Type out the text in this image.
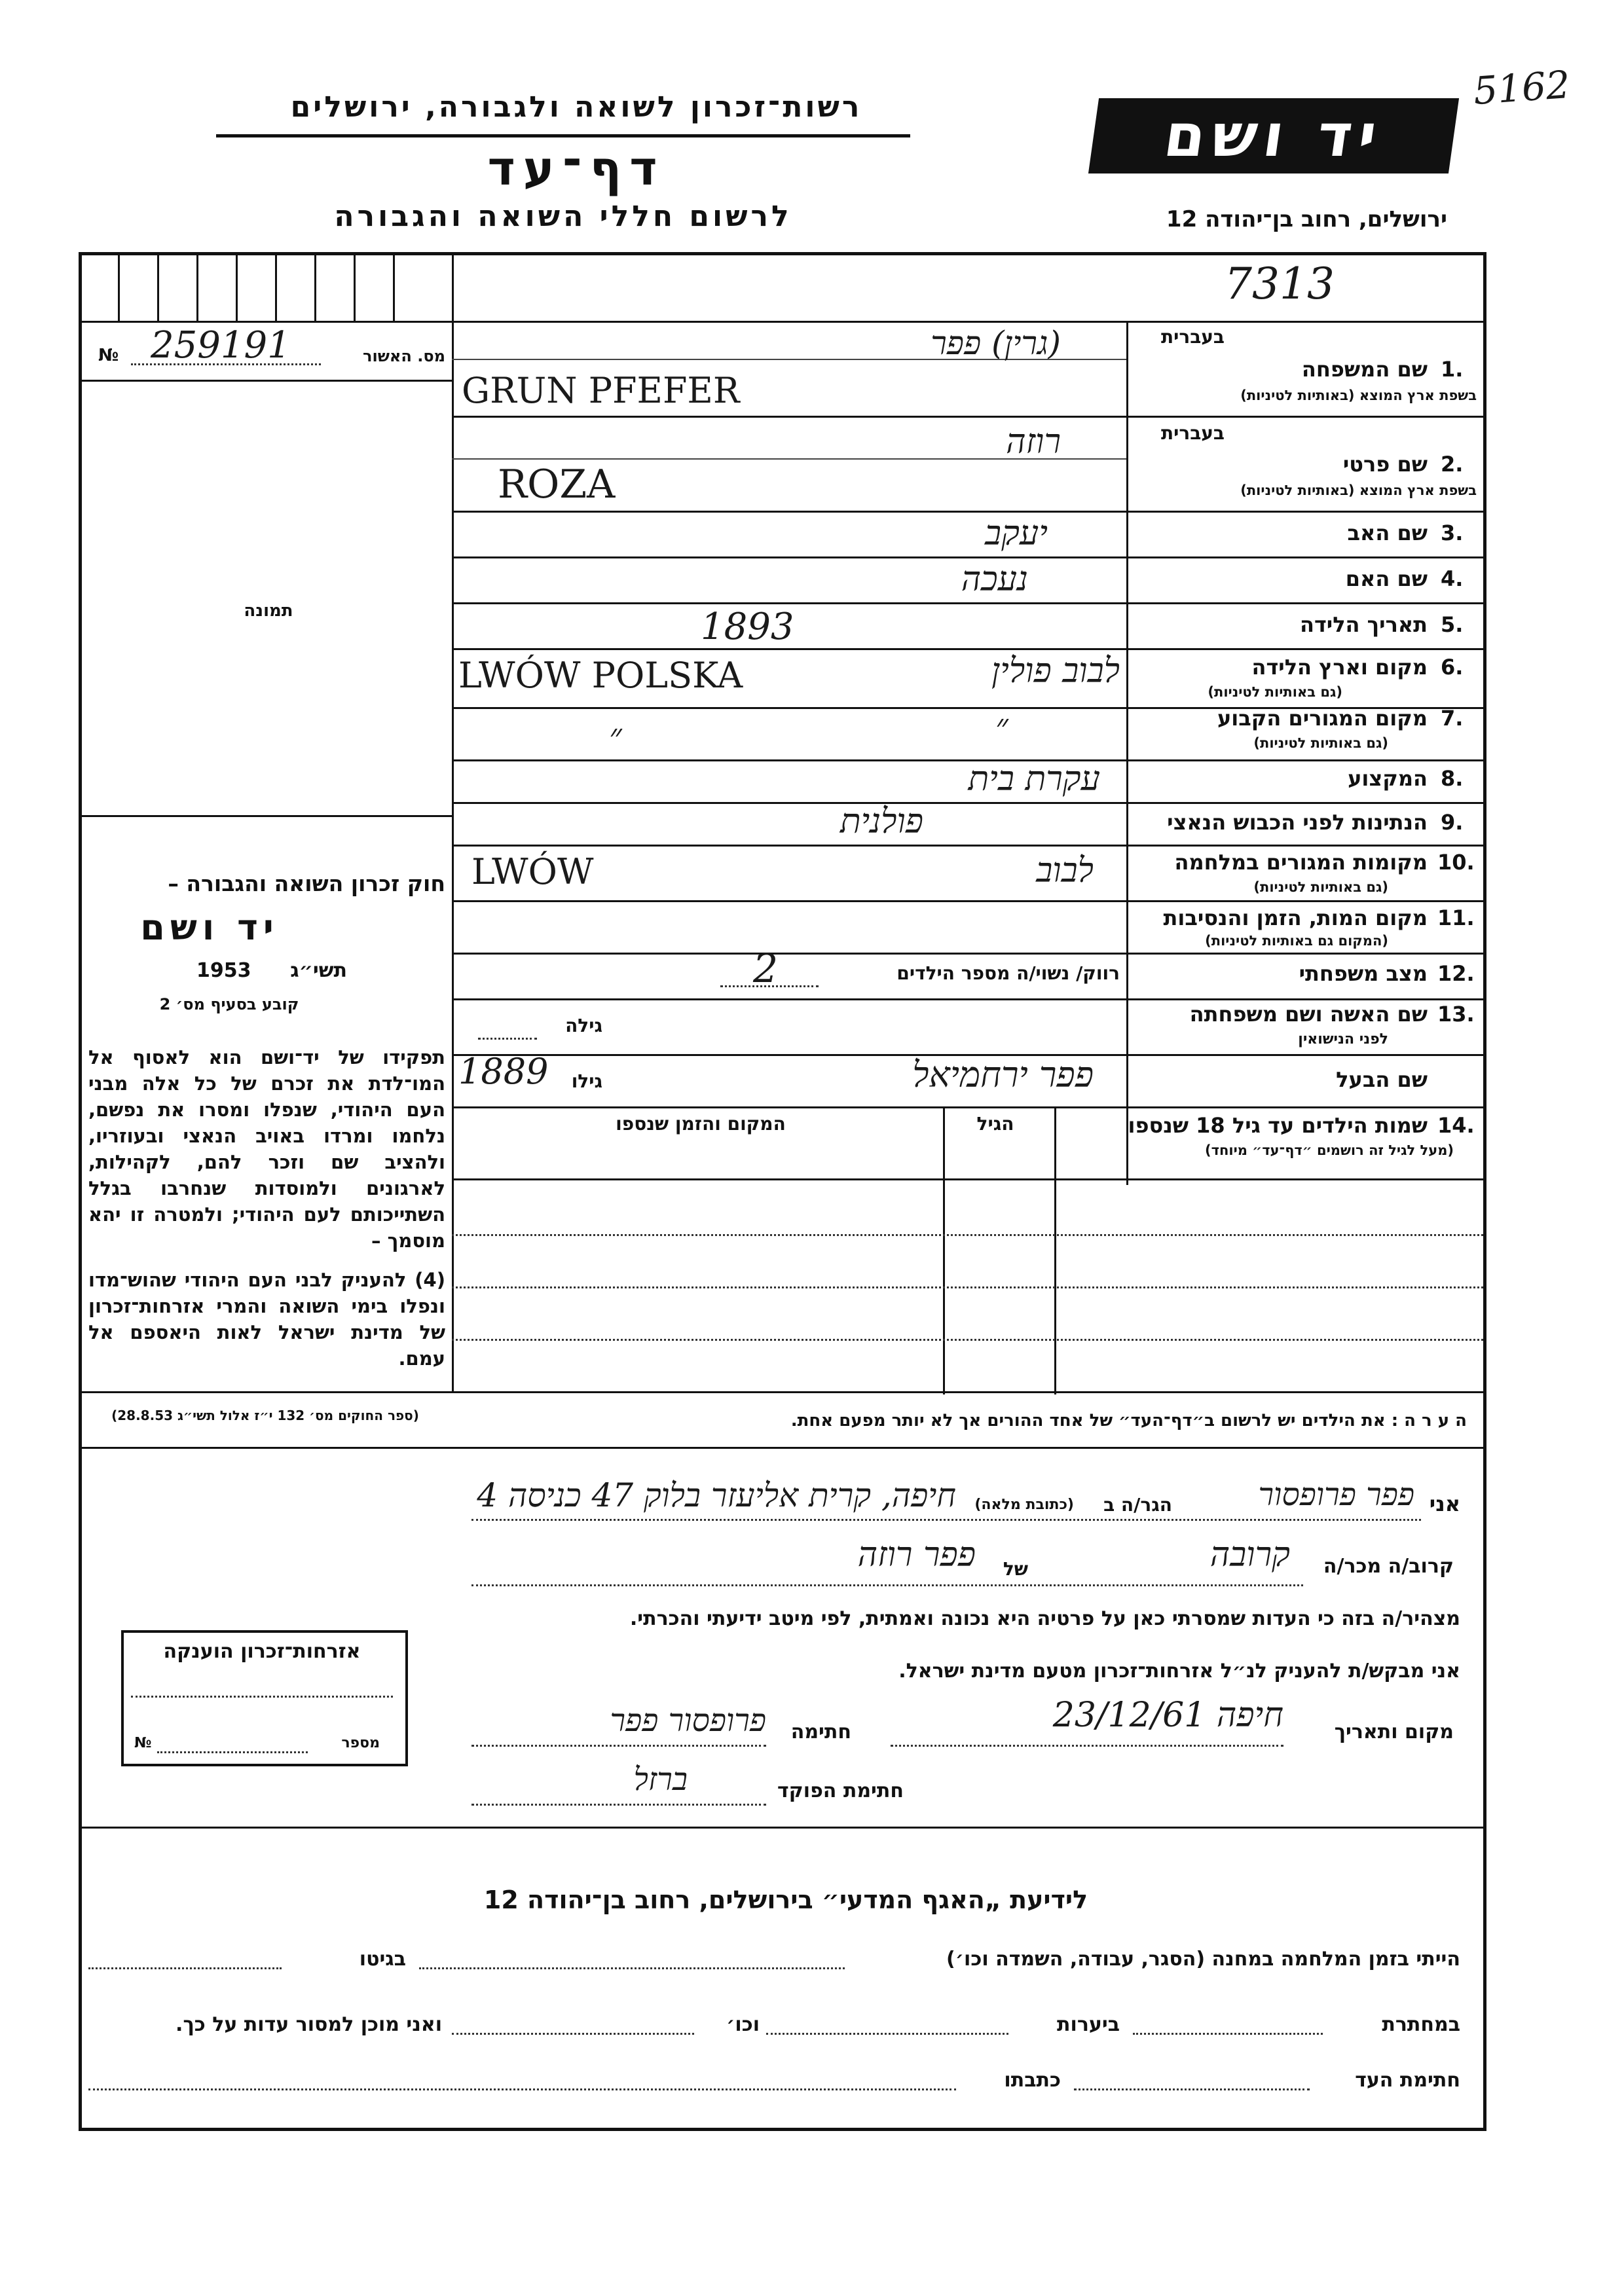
5162
רשות־זכרון לשואה ולגבורה, ירושלים
דף־עד
לרשום חללי השואה והגבורה
יד ושם
ירושלים, רחוב בן־יהודה 12
7313
№ 259191	מס. האשור
תמונה
חוק זכרון השואה והגבורה –
יד ושם
תשי״ג
1953
קובע בסעיף מס׳ 2
תפקידו של יד־ושם הוא לאסוף אל המו־לדת את זכרם של כל אלה מבני העם היהודי, שנפלו ומסרו את נפשם, נלחמו ומרדו באויב הנאצי ובעוזריו, ולהציב שם וזכר להם, לקהילות, לארגונים ולמוסדות שנחרבו בגלל השתייכותם לעם היהודי; ולמטרה זו יהא מוסמך –
(4) להעניק לבני העם היהודי שהוש־מדו ונפלו בימי השואה והמרי אזרחות־זכרון של מדינת ישראל לאות היאספם אל עמם.
(ספר החוקים מס׳ 132 י״ז אלול תשי״ג 28.8.53)
בעברית
שם המשפחה 1.
בשפת ארץ המוצא (באותיות לטיניות)
(גרין) פפר
GRUN PFEFER
בעברית
שם פרטי 2.
בשפת ארץ המוצא (באותיות לטיניות)
רוזה
ROZA
שם האב 3.
יעקב
שם האם 4.
נעכה
תאריך הלידה 5.
1893
מקום וארץ הלידה 6.
(גם באותיות לטיניות)
לבוב פולין
LWÓW POLSKA
מקום המגורים הקבוע 7.
(גם באותיות לטיניות)
״
״
המקצוע 8.
עקרת בית
הנתינות לפני הכבוש הנאצי 9.
פולנית
מקומות המגורים במלחמה 10.
(גם באותיות לטיניות)
לבוב
LWÓW
מקום המות, הזמן והנסיבות 11.
(המקום גם באותיות לטיניות)
מצב משפחתי 12.
רווק/ נשוי/ה מספר הילדים
2
שם האשה ושם משפחתה 13.
לפני הנישואין
גילה
שם הבעל
פפר ירחמיאל
גילו
1889
שמות הילדים עד גיל 18 שנספו 14.
(מעל לגיל זה רושמים ״דף־עד״ מיוחד)
הגיל
המקום והזמן שנספו
ה ע ר ה : את הילדים יש לרשום ב״דף־העד״ של אחד ההורים אך לא יותר מפעם אחת.
אני
פפר פרופסור
הגר/ה ב
(כתובת מלאה)
חיפה, קרית אליעזר בלוק 47 כניסה 4
קרוב/ה מכר/ה
קרובה
של
פפר רוזה
מצהיר/ה בזה כי העדות שמסרתי כאן על פרטיה היא נכונה ואמתית, לפי מיטב ידיעתי והכרתי.
אני מבקש/ת להעניק לנ״ל אזרחות־זכרון מטעם מדינת ישראל.
מקום ותאריך
חיפה 23/12/61
חתימה
פרופסור פפר
חתימת הפוקד
ברזל
אזרחות־זכרון הוענקה
№	מספר
לידיעת „האגף המדעי״ בירושלים, רחוב בן־יהודה 12
הייתי בזמן המלחמה במחנה (הסגר, עבודה, השמדה וכו׳)
בגיטו
במחתרת
ביערות
וכו׳
ואני מוכן למסור עדות על כך.
חתימת העד
כתבתו
